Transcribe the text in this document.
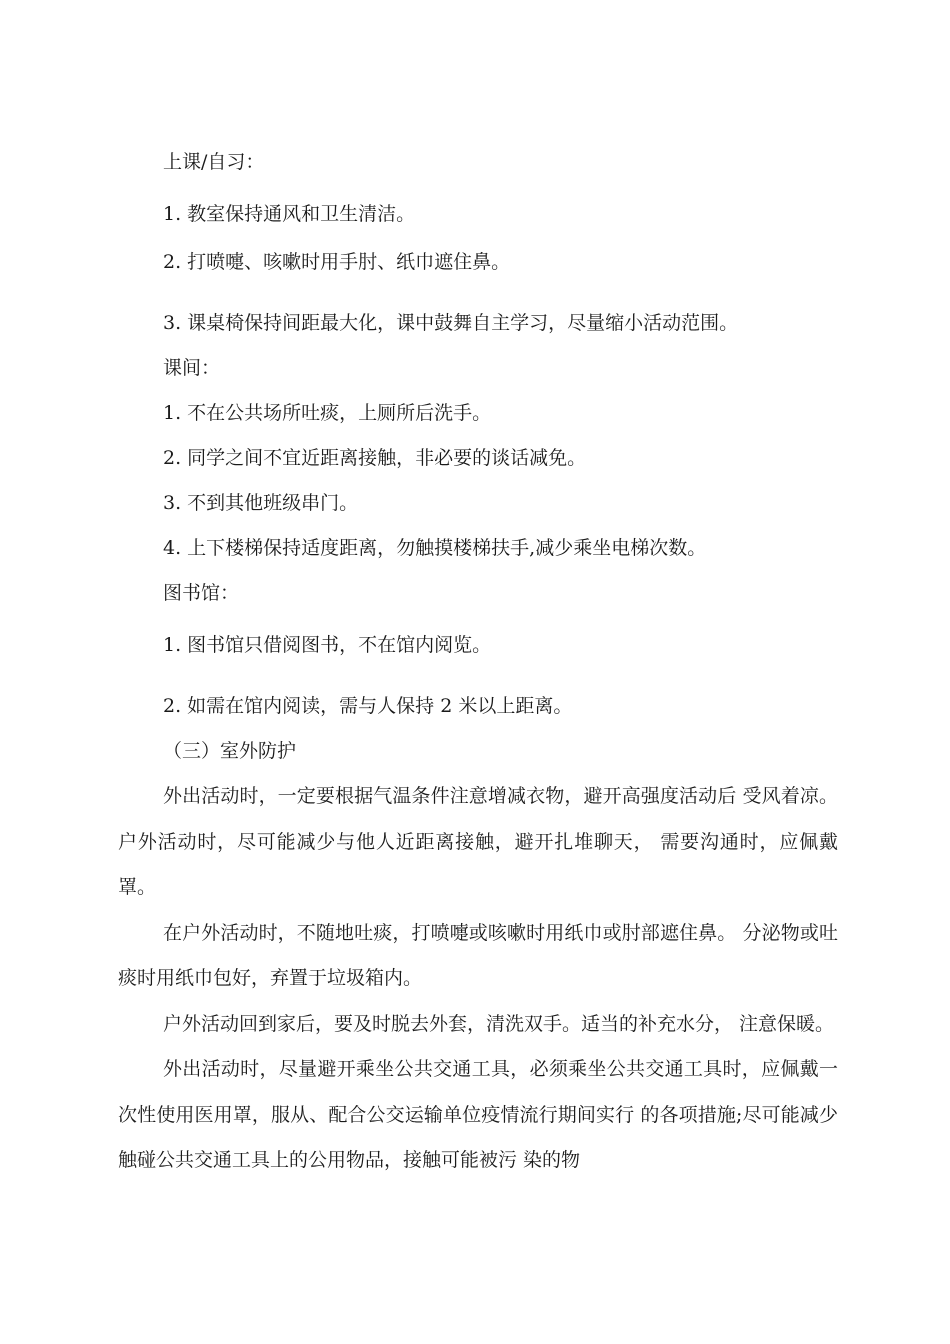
上课/自习：
1. 教室保持通风和卫生清洁。
2. 打喷嚏、咳嗽时用手肘、纸巾遮住鼻。
3. 课桌椅保持间距最大化，课中鼓舞自主学习，尽量缩小活动范围。
课间：
1. 不在公共场所吐痰，上厕所后洗手。
2. 同学之间不宜近距离接触，非必要的谈话减免。
3. 不到其他班级串门。
4. 上下楼梯保持适度距离，勿触摸楼梯扶手,减少乘坐电梯次数。
图书馆：
1. 图书馆只借阅图书，不在馆内阅览。
2. 如需在馆内阅读，需与人保持 2 米以上距离。
（三）室外防护

外出活动时，一定要根据气温条件注意增减衣物，避开高强度活动后 受风着凉。户外活动时，尽可能减少与他人近距离接触，避开扎堆聊天， 需要沟通时，应佩戴罩。

在户外活动时，不随地吐痰，打喷嚏或咳嗽时用纸巾或肘部遮住鼻。 分泌物或吐痰时用纸巾包好，弃置于垃圾箱内。

户外活动回到家后，要及时脱去外套，清洗双手。适当的补充水分， 注意保暖。

外出活动时，尽量避开乘坐公共交通工具，必须乘坐公共交通工具时，应佩戴一次性使用医用罩，服从、配合公交运输单位疫情流行期间实行 的各项措施;尽可能减少触碰公共交通工具上的公用物品，接触可能被污 染的物
